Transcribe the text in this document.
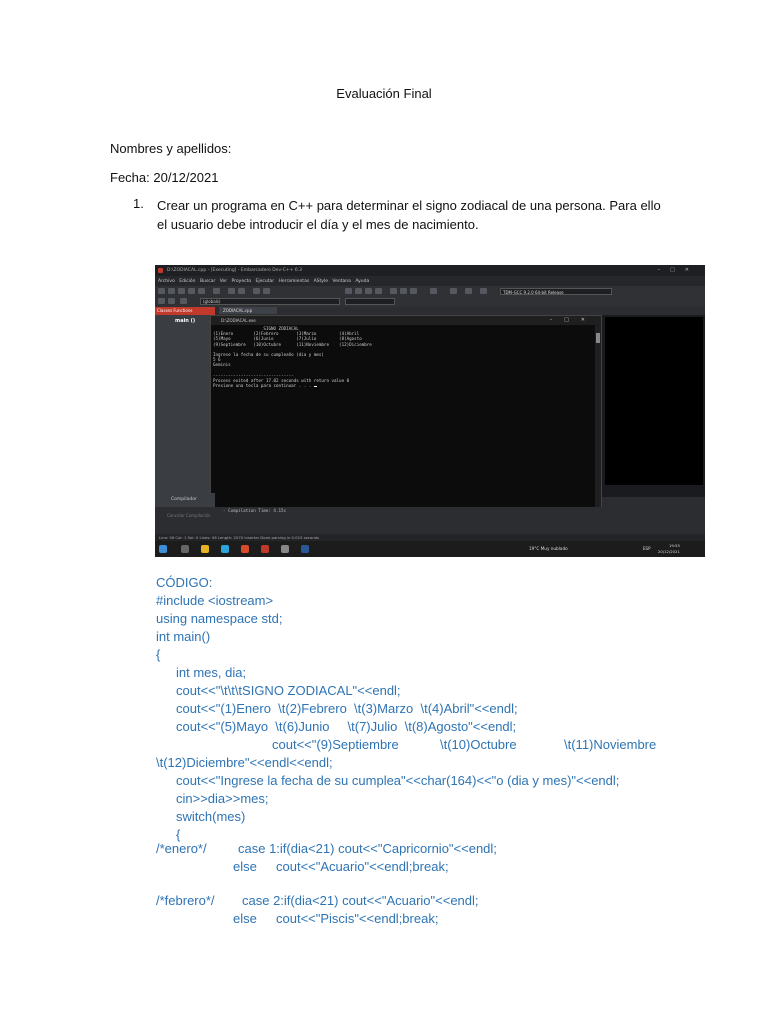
Evaluación Final
Nombres y apellidos:
Fecha: 20/12/2021
1. Crear un programa en C++ para determinar el signo zodiacal de una persona. Para ello el usuario debe introducir el día y el mes de nacimiento.
D:\ZODIACAL.cpp - [Executing] - Embarcadero Dev-C++ 6.3	–□✕
Archivo Edición Buscar Ver Proyecto Ejecutar Herramientas AStyle Ventana Ayuda
TDM-GCC 9.2.0 64-bit Release
(globals)
Classes Functions
main ()
ZODIACAL.cpp
D:\ZODIACAL.exe	–□✕
SIGNO ZODIACAL
(1)Enero        (2)Febrero       (3)Marzo         (4)Abril
(5)Mayo         (6)Junio         (7)Julio         (8)Agosto
(9)Septiembre   (10)Octubre      (11)Noviembre    (12)Diciembre

Ingrese la fecha de su cumpleaño (dia y mes)
5 6
Geminis

--------------------------------
Process exited after 17.02 seconds with return value 0
Presione una tecla para continuar . . .
Compilador
- Compilation Time: 4.15s
Cancelar Compilación
Line: 56 Col: 1 Sel: 0 Lines: 56 Length: 2070 Insertar Done parsing in 0.015 seconds
19°C Muy nublado	ESP
19:55
20/12/2021
CÓDIGO:
#include <iostream>
using namespace std;
int main()
{
int mes, dia;
cout<<"\t\t\tSIGNO ZODIACAL"<<endl;
cout<<"(1)Enero  \t(2)Febrero  \t(3)Marzo  \t(4)Abril"<<endl;
cout<<"(5)Mayo  \t(6)Junio     \t(7)Julio  \t(8)Agosto"<<endl;
cout<<"(9)Septiembre	\t(10)Octubre	\t(11)Noviembre
\t(12)Diciembre"<<endl<<endl;
cout<<"Ingrese la fecha de su cumplea"<<char(164)<<"o (dia y mes)"<<endl;
cin>>dia>>mes;
switch(mes)
{
/*enero*/ case 1:if(dia<21) cout<<"Capricornio"<<endl;
else cout<<"Acuario"<<endl;break;
/*febrero*/ case 2:if(dia<21) cout<<"Acuario"<<endl;
else cout<<"Piscis"<<endl;break;
